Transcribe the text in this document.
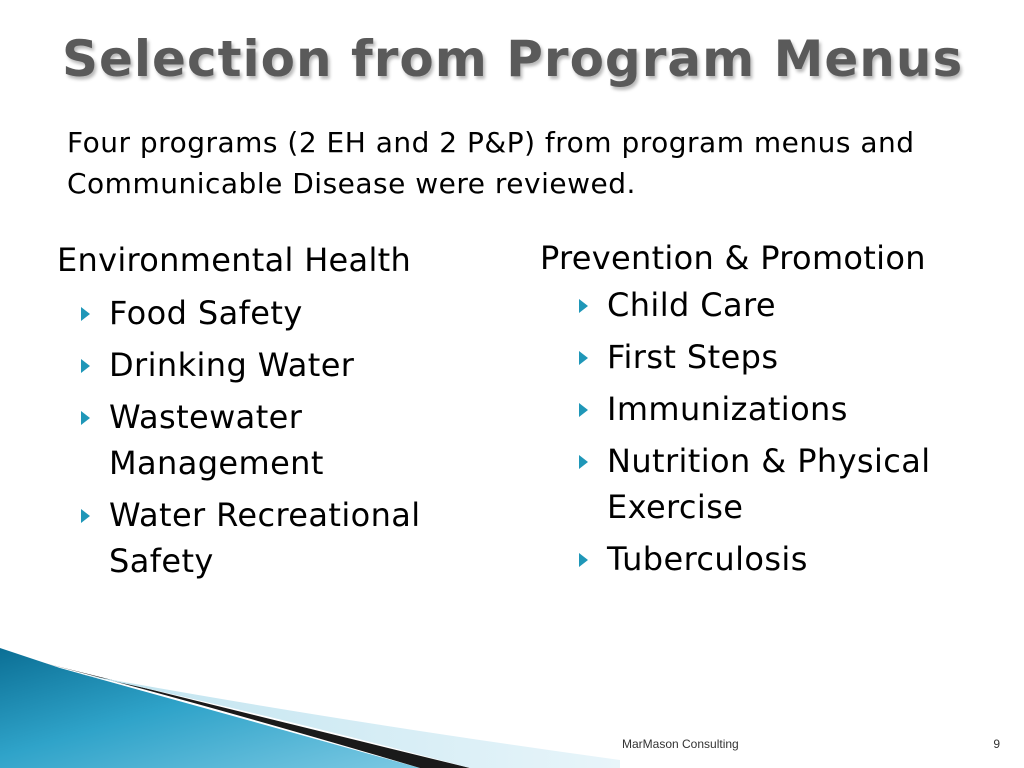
Selection from Program Menus

Four programs (2 EH and 2 P&P) from program menus and Communicable Disease were reviewed.

Environmental Health
Food Safety
Drinking Water
Wastewater Management
Water Recreational Safety
Prevention & Promotion
Child Care
First Steps
Immunizations
Nutrition & Physical Exercise
Tuberculosis
MarMason Consulting	9
